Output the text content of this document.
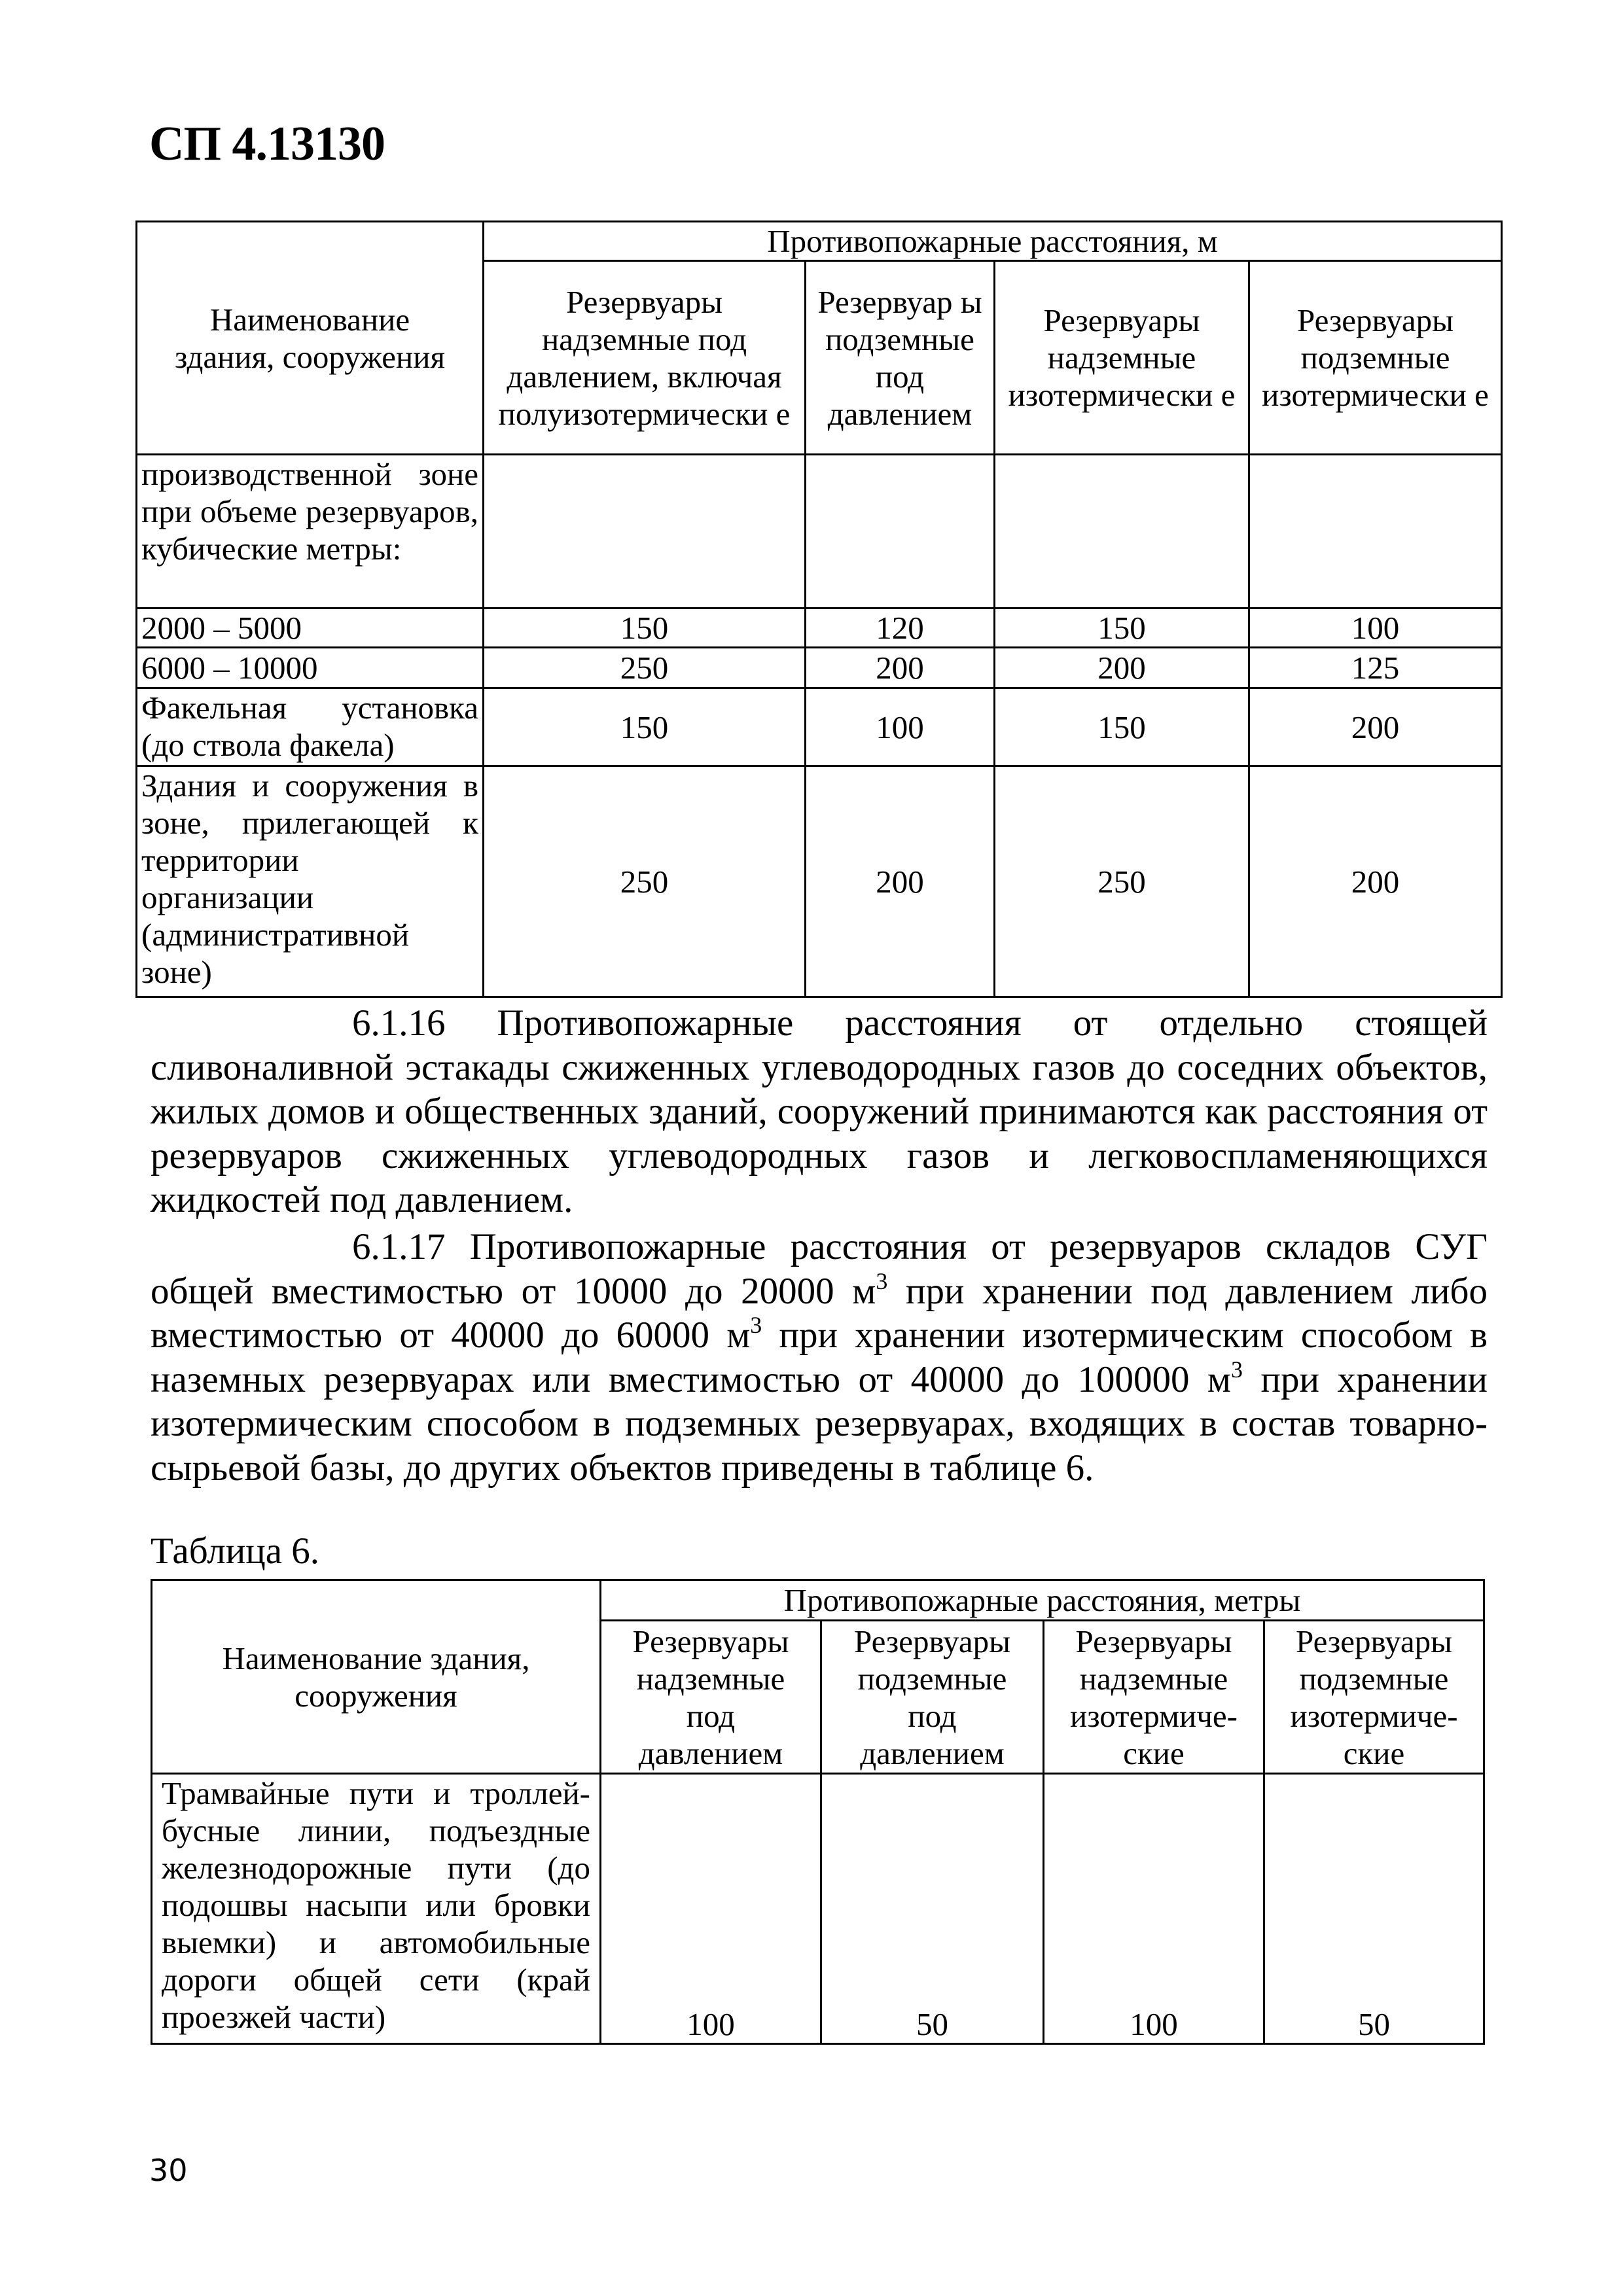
СП 4.13130
Наименование здания, сооружения	Противопожарные расстояния, м			
	Резервуары надземные под давлением, включая полуизотермически е	Резервуар ы подземные под давлением	Резервуары надземные изотермически е	Резервуары подземные изотермически е
производственной зоне при объеме резервуаров, кубические метры:				
2000 – 5000	150	120	150	100
6000 – 10000	250	200	200	125
Факельная установка (до ствола факела)	150	100	150	200
Здания и сооружения в зоне, прилегающей к территории организации (административной зоне)	250	200	250	200
6.1.16 Противопожарные расстояния от отдельно стоящей сливоналивной эстакады сжиженных углеводородных газов до соседних объектов, жилых домов и общественных зданий, сооружений принимаются как расстояния от резервуаров сжиженных углеводородных газов и легковоспламеняющихся жидкостей под давлением.
6.1.17 Противопожарные расстояния от резервуаров складов СУГ общей вместимостью от 10000 до 20000 $м^3$ при хранении под давлением либо вместимостью от 40000 до 60000 $м^3$ при хранении изотермическим способом в наземных резервуарах или вместимостью от 40000 до 100000 $м^3$ при хранении изотермическим способом в подземных резервуарах, входящих в состав товарно-сырьевой базы, до других объектов приведены в таблице 6.
Таблица 6.
Наименование здания, сооружения	Противопожарные расстояния, метры			
	Резервуары надземные под давлением	Резервуары подземные под давлением	Резервуары надземные изотермиче-ские	Резервуары подземные изотермиче-ские
Трамвайные пути и троллей-бусные линии, подъездные железнодорожные пути (до подошвы насыпи или бровки выемки) и автомобильные дороги общей сети (край проезжей части)	100	50	100	50
30
